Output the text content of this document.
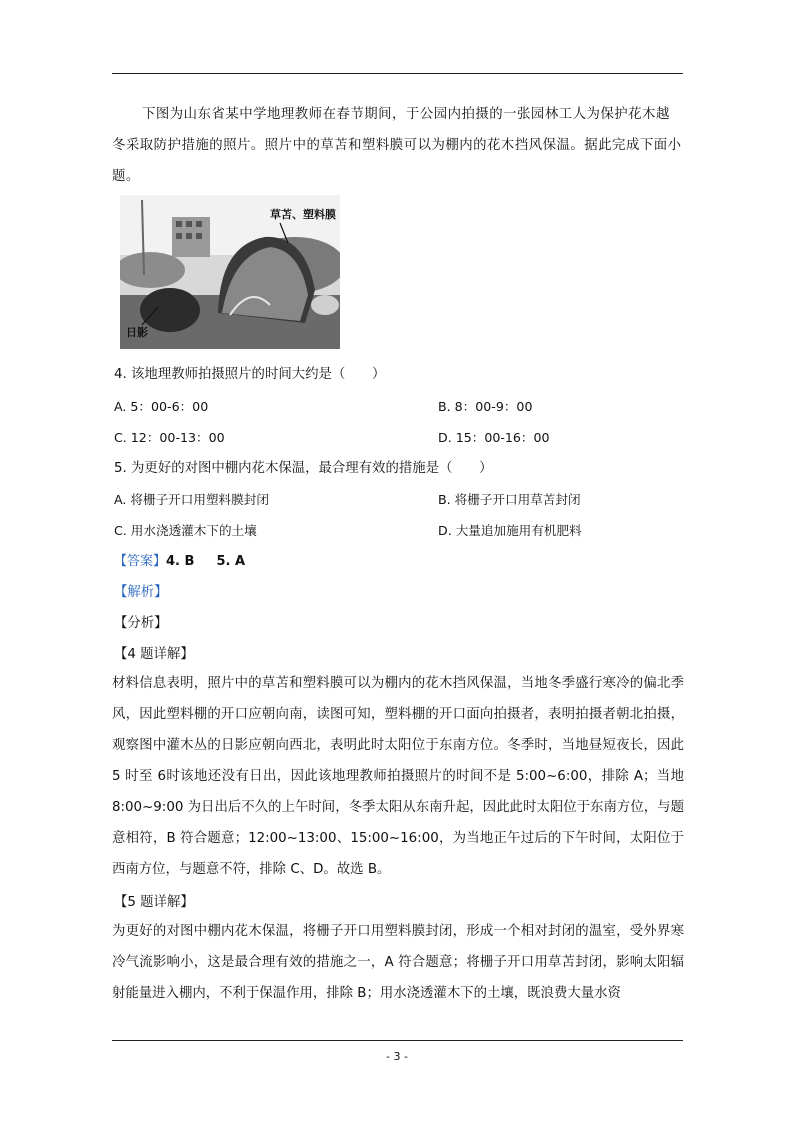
下图为山东省某中学地理教师在春节期间，于公园内拍摄的一张园林工人为保护花木越冬采取防护措施的照片。照片中的草苫和塑料膜可以为棚内的花木挡风保温。据此完成下面小题。
草苫、塑料膜
日影
4. 该地理教师拍摄照片的时间大约是（　　）
A. 5：00-6：00	B. 8：00-9：00
C. 12：00-13：00	D. 15：00-16：00
5. 为更好的对图中棚内花木保温，最合理有效的措施是（　　）
A. 将栅子开口用塑料膜封闭	B. 将栅子开口用草苫封闭
C. 用水浇透灌木下的土壤	D. 大量追加施用有机肥料
【答案】4. B 5. A
【解析】
【分析】
【4 题详解】
材料信息表明，照片中的草苫和塑料膜可以为棚内的花木挡风保温，当地冬季盛行寒冷的偏北季风，因此塑料棚的开口应朝向南，读图可知，塑料棚的开口面向拍摄者，表明拍摄者朝北拍摄，观察图中灌木丛的日影应朝向西北，表明此时太阳位于东南方位。冬季时，当地昼短夜长，因此 5 时至 6时该地还没有日出，因此该地理教师拍摄照片的时间不是 5:00~6:00，排除 A；当地 8:00~9:00 为日出后不久的上午时间，冬季太阳从东南升起，因此此时太阳位于东南方位，与题意相符，B 符合题意；12:00~13:00、15:00~16:00，为当地正午过后的下午时间，太阳位于西南方位，与题意不符，排除 C、D。故选 B。
【5 题详解】
为更好的对图中棚内花木保温，将栅子开口用塑料膜封闭，形成一个相对封闭的温室，受外界寒冷气流影响小，这是最合理有效的措施之一，A 符合题意；将栅子开口用草苫封闭，影响太阳辐射能量进入棚内，不利于保温作用，排除 B；用水浇透灌木下的土壤，既浪费大量水资
- 3 -
